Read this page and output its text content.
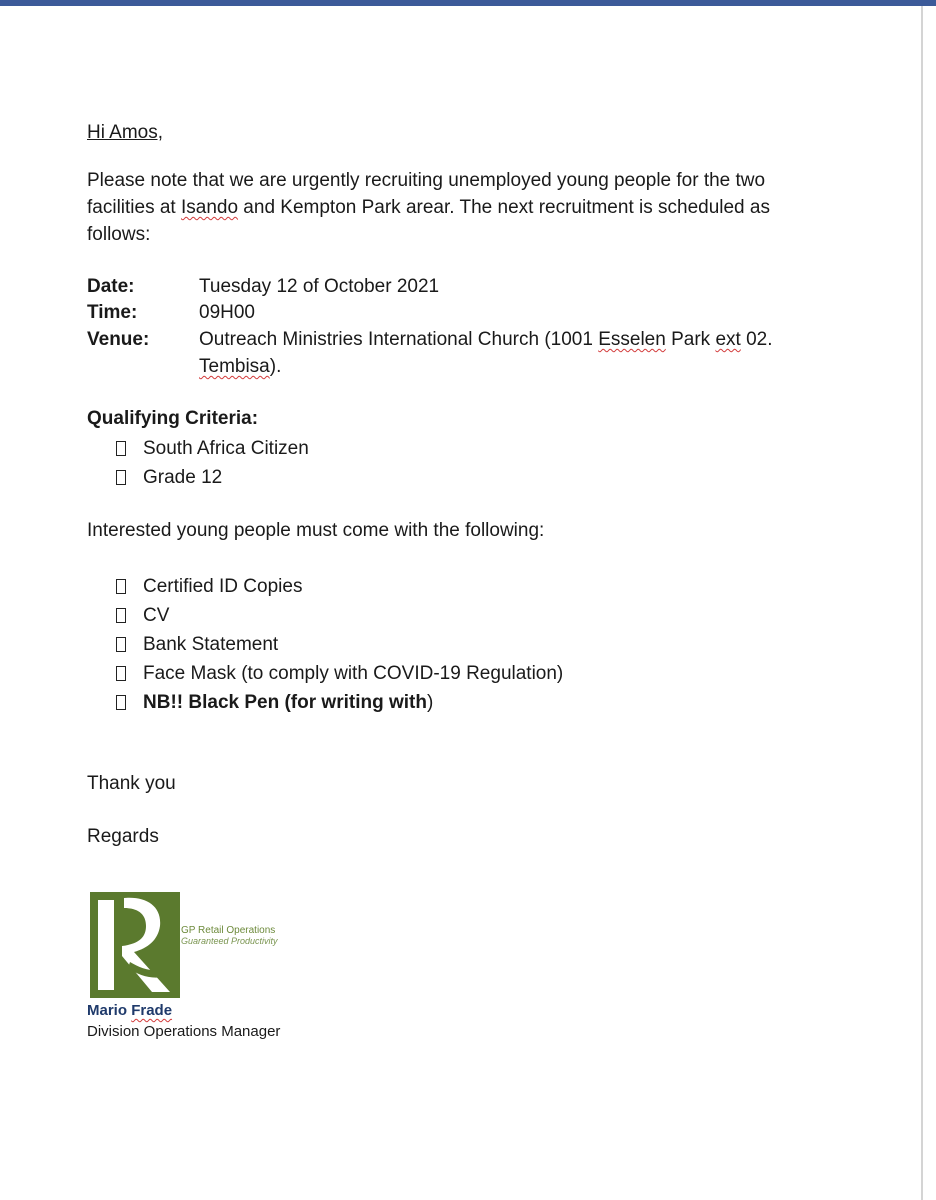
Hi Amos,
Please note that we are urgently recruiting unemployed young people for the two
facilities at Isando and Kempton Park arear. The next recruitment is scheduled as
follows:
Date:	Tuesday 12 of October 2021
Time:	09H00
Venue:	Outreach Ministries International Church (1001 Esselen Park ext 02.
Tembisa).
Qualifying Criteria:
South Africa Citizen
Grade 12
Interested young people must come with the following:
Certified ID Copies
CV
Bank Statement
Face Mask (to comply with COVID-19 Regulation)
NB!! Black Pen (for writing with)
Thank you
Regards
GP Retail Operations
Guaranteed Productivity
Mario Frade
Division Operations Manager
